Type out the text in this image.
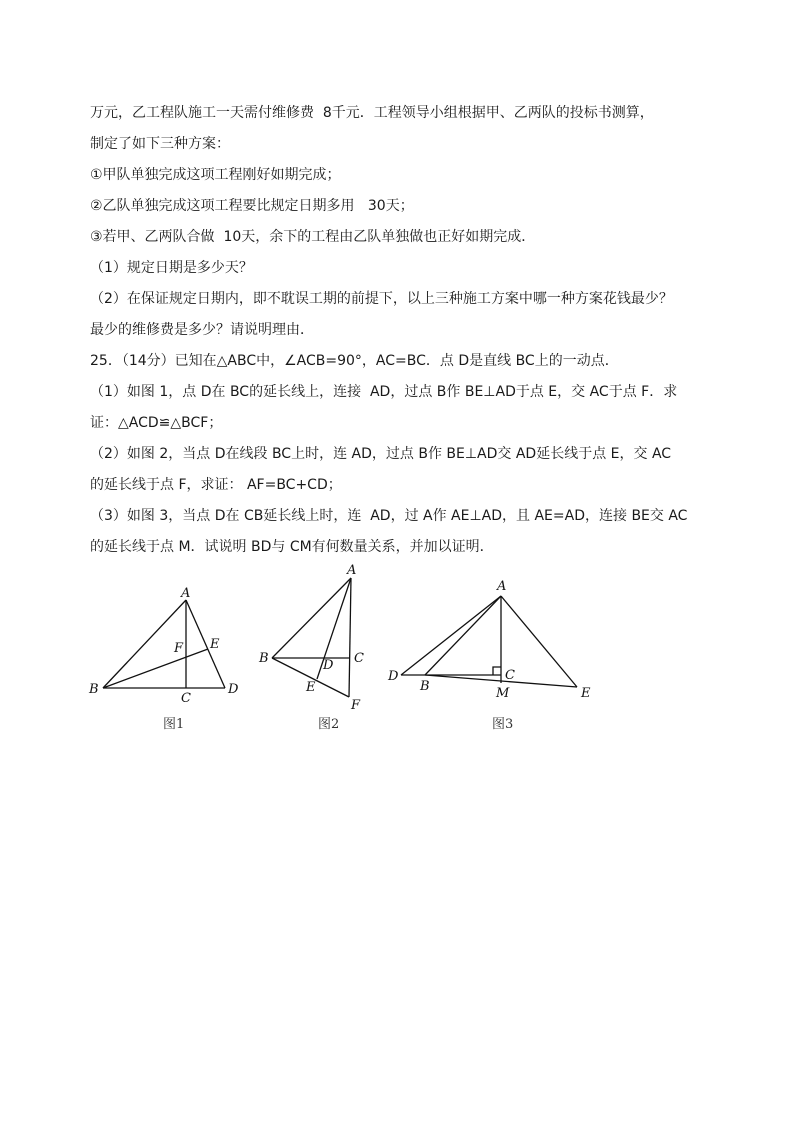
万元，乙工程队施工一天需付维修费  8千元．工程领导小组根据甲、乙两队的投标书测算，
制定了如下三种方案：
①甲队单独完成这项工程刚好如期完成；
②乙队单独完成这项工程要比规定日期多用   30天；
③若甲、乙两队合做  10天，余下的工程由乙队单独做也正好如期完成．
（1）规定日期是多少天？
（2）在保证规定日期内，即不耽误工期的前提下，以上三种施工方案中哪一种方案花钱最少？
最少的维修费是多少？请说明理由．
25．（14分）已知在△ABC中，∠ACB=90°，AC=BC．点 D是直线 BC上的一动点．
（1）如图 1，点 D在 BC的延长线上，连接  AD，过点 B作 BE⊥AD于点 E，交 AC于点 F．求
证：△ACD≌△BCF；
（2）如图 2，当点 D在线段 BC上时，连 AD，过点 B作 BE⊥AD交 AD延长线于点 E，交 AC
的延长线于点 F，求证： AF=BC+CD；
（3）如图 3，当点 D在 CB延长线上时，连  AD，过 A作 AE⊥AD，且 AE=AD，连接 BE交 AC
的延长线于点 M．试说明 BD与 CM有何数量关系，并加以证明．
A
B
C
D
E
F
图1
A
B	C
D
E
F
图2
A
B
C
D
E
M
图3
